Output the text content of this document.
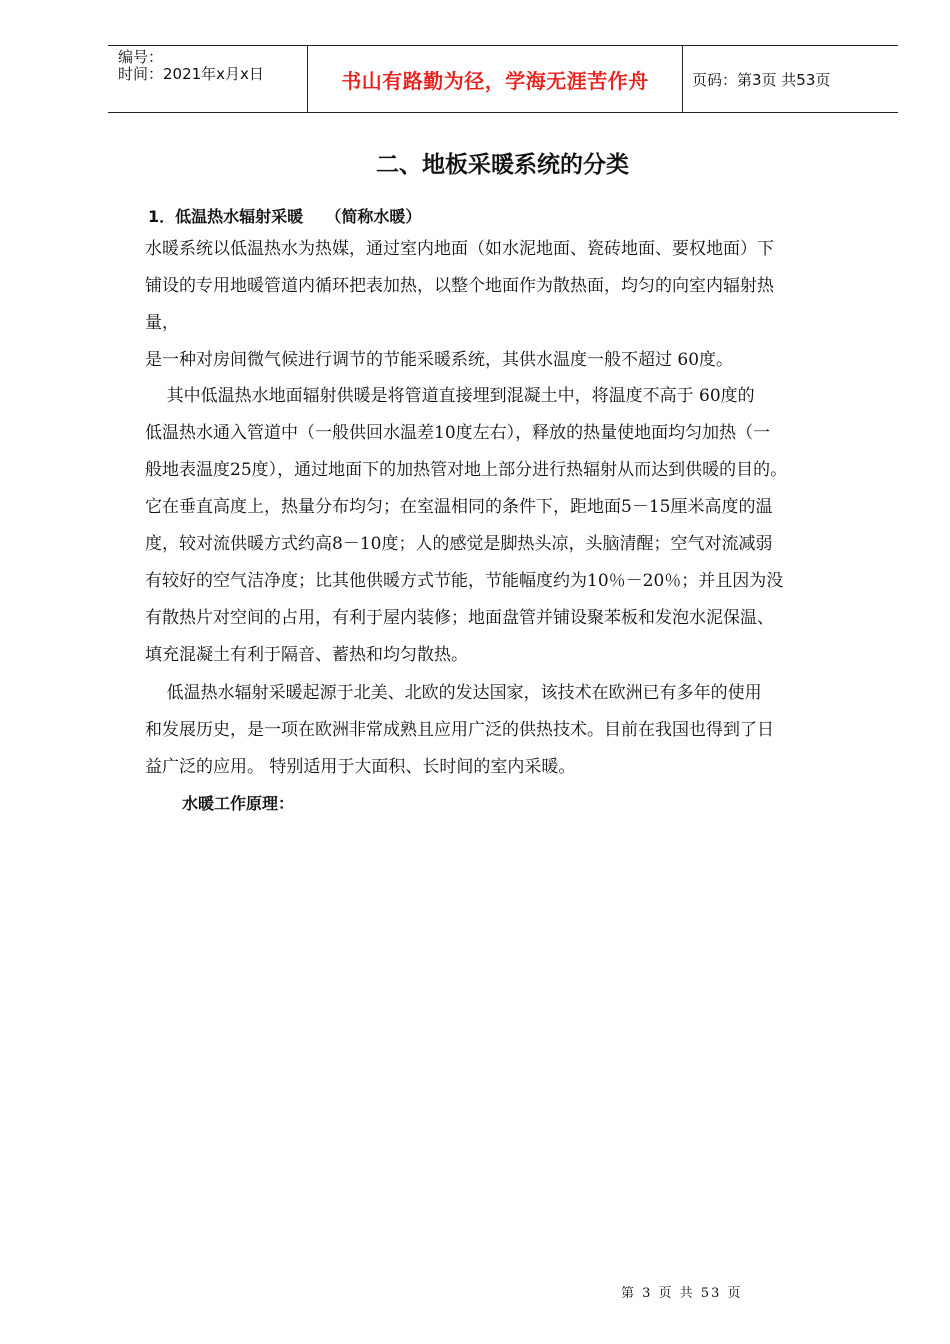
编号：
时间：2021年x月x日	书山有路勤为径，学海无涯苦作舟	页码：第3页 共53页
二、地板采暖系统的分类
1．低温热水辐射采暖    （简称水暖）
水暖系统以低温热水为热媒，通过室内地面（如水泥地面、瓷砖地面、要权地面）下
铺设的专用地暖管道内循环把表加热，以整个地面作为散热面，均匀的向室内辐射热
量，
是一种对房间微气候进行调节的节能采暖系统，其供水温度一般不超过 60度。
其中低温热水地面辐射供暖是将管道直接埋到混凝土中，将温度不高于 60度的
低温热水通入管道中（一般供回水温差10度左右），释放的热量使地面均匀加热（一
般地表温度25度），通过地面下的加热管对地上部分进行热辐射从而达到供暖的目的。
它在垂直高度上，热量分布均匀；在室温相同的条件下，距地面5－15厘米高度的温
度，较对流供暖方式约高8－10度；人的感觉是脚热头凉，头脑清醒；空气对流减弱
有较好的空气洁净度；比其他供暖方式节能，节能幅度约为10％－20％；并且因为没
有散热片对空间的占用，有利于屋内装修；地面盘管并铺设聚苯板和发泡水泥保温、
填充混凝土有利于隔音、蓄热和均匀散热。
低温热水辐射采暖起源于北美、北欧的发达国家，该技术在欧洲已有多年的使用
和发展历史，是一项在欧洲非常成熟且应用广泛的供热技术。目前在我国也得到了日
益广泛的应用。 特别适用于大面积、长时间的室内采暖。
水暖工作原理：
第 3 页 共 53 页
